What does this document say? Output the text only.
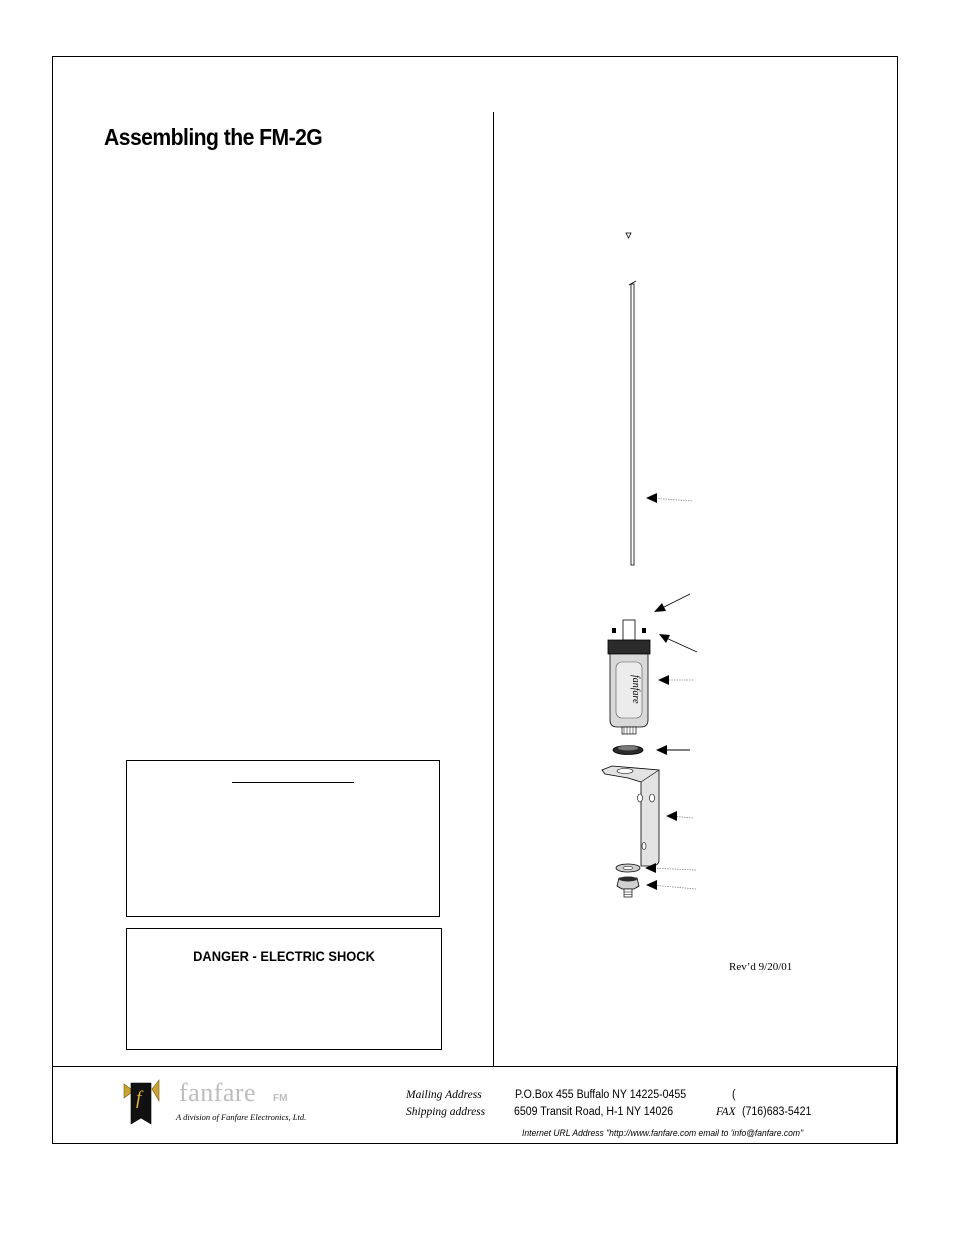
Assembling the FM-2G

DANGER - ELECTRIC SHOCK

fanfare
Rev’d 9/20/01
f fanfare FM
A division of Fanfare Electronics, Ltd.
Mailing Address	P.O.Box 455 Buffalo NY 14225-0455	(
Shipping address	6509 Transit Road, H-1 NY 14026	FAX (716)683-5421
Internet URL Address "http://www.fanfare.com email to 'info@fanfare.com''
